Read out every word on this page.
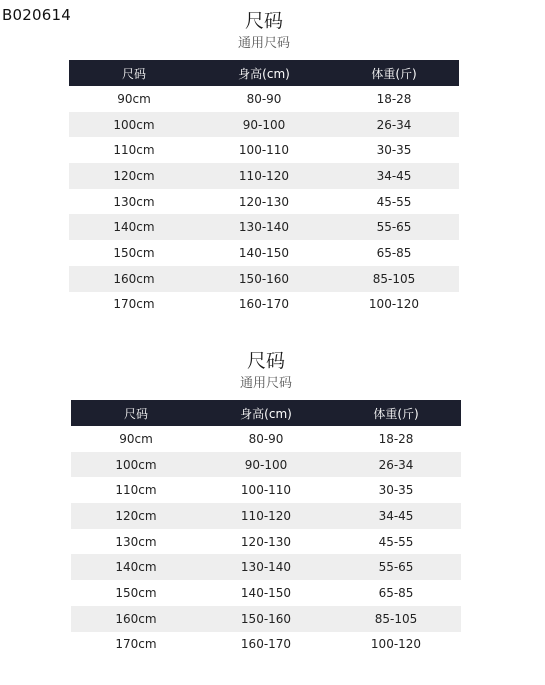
B020614	尺码
通用尺码
尺码	身高(cm)	体重(斤)
90cm	80-90	18-28
100cm	90-100	26-34
110cm	100-110	30-35
120cm	110-120	34-45
130cm	120-130	45-55
140cm	130-140	55-65
150cm	140-150	65-85
160cm	150-160	85-105
170cm	160-170	100-120
尺码
通用尺码
尺码	身高(cm)	体重(斤)
90cm	80-90	18-28
100cm	90-100	26-34
110cm	100-110	30-35
120cm	110-120	34-45
130cm	120-130	45-55
140cm	130-140	55-65
150cm	140-150	65-85
160cm	150-160	85-105
170cm	160-170	100-120
